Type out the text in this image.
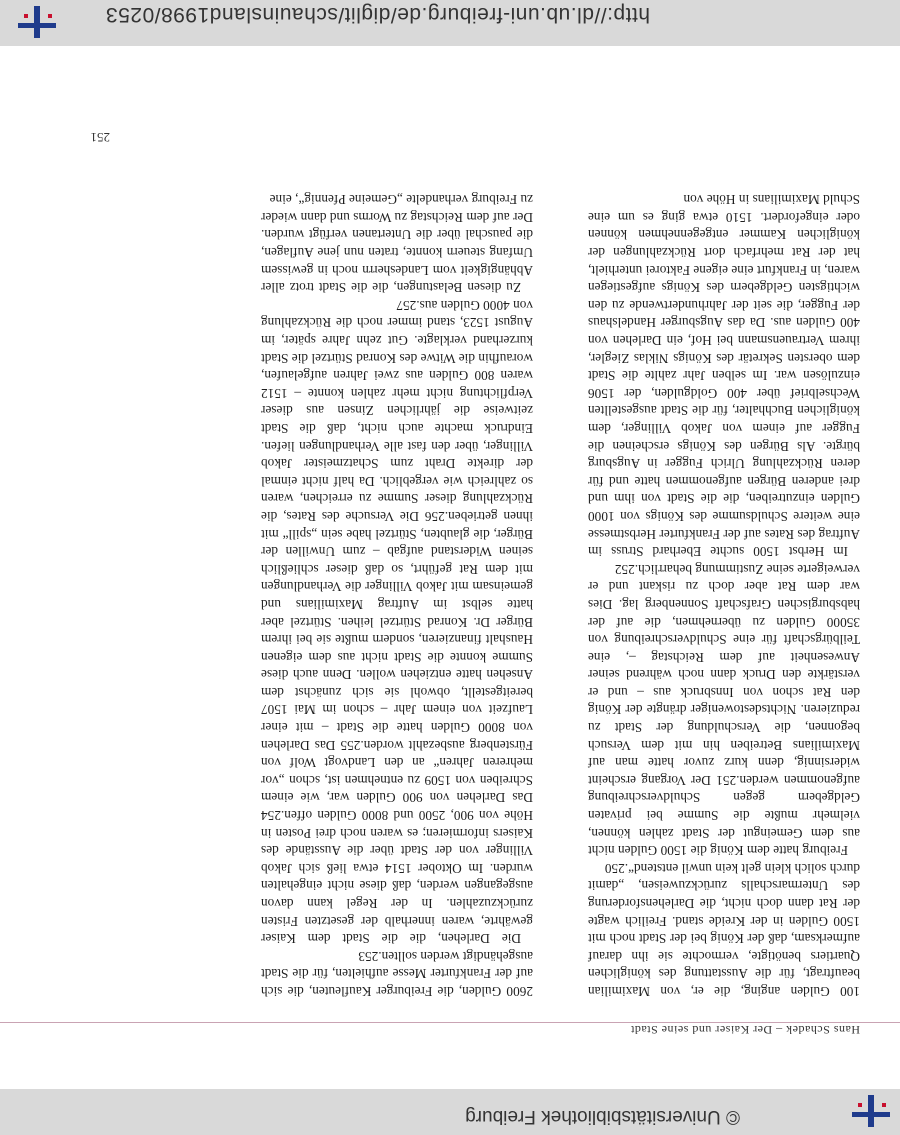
© Universitätsbibliothek Freiburg
Hans Schadek – Der Kaiser und seine Stadt

100 Gulden anging, die er, von Maximilian beauftragt, für die Ausstattung des königlichen Quartiers benötigte, vermochte sie ihn darauf aufmerksam, daß der König bei der Stadt noch mit 1500 Gulden in der Kreide stand. Freilich wagte der Rat dann doch nicht, die Darlehensforderung des Untermarschalls zurückzuweisen, „damit durch solich klein gelt kein unwil entstend“.250

Freiburg hatte dem König die 1500 Gulden nicht aus dem Gemeingut der Stadt zahlen können, vielmehr mußte die Summe bei privaten Geldgebern gegen Schuldverschreibung aufgenommen werden.251 Der Vorgang erscheint widersinnig, denn kurz zuvor hatte man auf Maximilians Betreiben hin mit dem Versuch begonnen, die Verschuldung der Stadt zu reduzieren. Nichtsdestoweniger drängte der König den Rat schon von Innsbruck aus – und er verstärkte den Druck dann noch während seiner Anwesenheit auf dem Reichstag –, eine Teilbürgschaft für eine Schuldverschreibung von 35000 Gulden zu übernehmen, die auf der habsburgischen Grafschaft Sonnenberg lag. Dies war dem Rat aber doch zu riskant und er verweigerte seine Zustimmung beharrlich.252

Im Herbst 1500 suchte Eberhard Struss im Auftrag des Rates auf der Frankfurter Herbstmesse eine weitere Schuldsumme des Königs von 1000 Gulden einzutreiben, die die Stadt von ihm und drei anderen Bürgen aufgenommen hatte und für deren Rückzahlung Ulrich Fugger in Augsburg bürgte. Als Bürgen des Königs erscheinen die Fugger auf einem von Jakob Villinger, dem königlichen Buchhalter, für die Stadt ausgestellten Wechselbrief über 400 Goldgulden, der 1506 einzulösen war. Im selben Jahr zahlte die Stadt dem obersten Sekretär des Königs Niklas Ziegler, ihrem Vertrauensmann bei Hof, ein Darlehen von 400 Gulden aus. Da das Augsburger Handelshaus der Fugger, die seit der Jahrhundertwende zu den wichtigsten Geldgebern des Königs aufgestiegen waren, in Frankfurt eine eigene Faktorei unterhielt, hat der Rat mehrfach dort Rückzahlungen der königlichen Kammer entgegennehmen können oder eingefordert. 1510 etwa ging es um eine Schuld Maximilians in Höhe von

2600 Gulden, die Freiburger Kaufleuten, die sich auf der Frankfurter Messe aufhielten, für die Stadt ausgehändigt werden sollten.253

Die Darlehen, die die Stadt dem Kaiser gewährte, waren innerhalb der gesetzten Fristen zurückzuzahlen. In der Regel kann davon ausgegangen werden, daß diese nicht eingehalten wurden. Im Oktober 1514 etwa ließ sich Jakob Villinger von der Stadt über die Ausstände des Kaisers informieren; es waren noch drei Posten in Höhe von 900, 2500 und 8000 Gulden offen.254 Das Darlehen von 900 Gulden war, wie einem Schreiben von 1509 zu entnehmen ist, schon „vor mehreren Jahren“ an den Landvogt Wolf von Fürstenberg ausbezahlt worden.255 Das Darlehen von 8000 Gulden hatte die Stadt – mit einer Laufzeit von einem Jahr – schon im Mai 1507 bereitgestellt, obwohl sie sich zunächst dem Ansehen hatte entziehen wollen. Denn auch diese Summe konnte die Stadt nicht aus dem eigenen Haushalt finanzieren, sondern mußte sie bei ihrem Bürger Dr. Konrad Stürtzel leihen. Stürtzel aber hatte selbst im Auftrag Maximilians und gemeinsam mit Jakob Villinger die Verhandlungen mit dem Rat geführt, so daß dieser schließlich seinen Widerstand aufgab – zum Unwillen der Bürger, die glaubten, Stürtzel habe sein „spill“ mit ihnen getrieben.256 Die Versuche des Rates, die Rückzahlung dieser Summe zu erreichen, waren so zahlreich wie vergeblich. Da half nicht einmal der direkte Draht zum Schatzmeister Jakob Villinger, über den fast alle Verhandlungen liefen. Eindruck machte auch nicht, daß die Stadt zeitweise die jährlichen Zinsen aus dieser Verpflichtung nicht mehr zahlen konnte – 1512 waren 800 Gulden aus zwei Jahren aufgelaufen, woraufhin die Witwe des Konrad Stürtzel die Stadt kurzerhand verklagte. Gut zehn Jahre später, im August 1523, stand immer noch die Rückzahlung von 4000 Gulden aus.257

Zu diesen Belastungen, die die Stadt trotz aller Abhängigkeit vom Landesherrn noch in gewissem Umfang steuern konnte, traten nun jene Auflagen, die pauschal über die Untertanen verfügt wurden. Der auf dem Reichstag zu Worms und dann wieder zu Freiburg verhandelte „Gemeine Pfennig“, eine

251
http://dl.ub.uni-freiburg.de/diglit/schauinsland1998/0253
